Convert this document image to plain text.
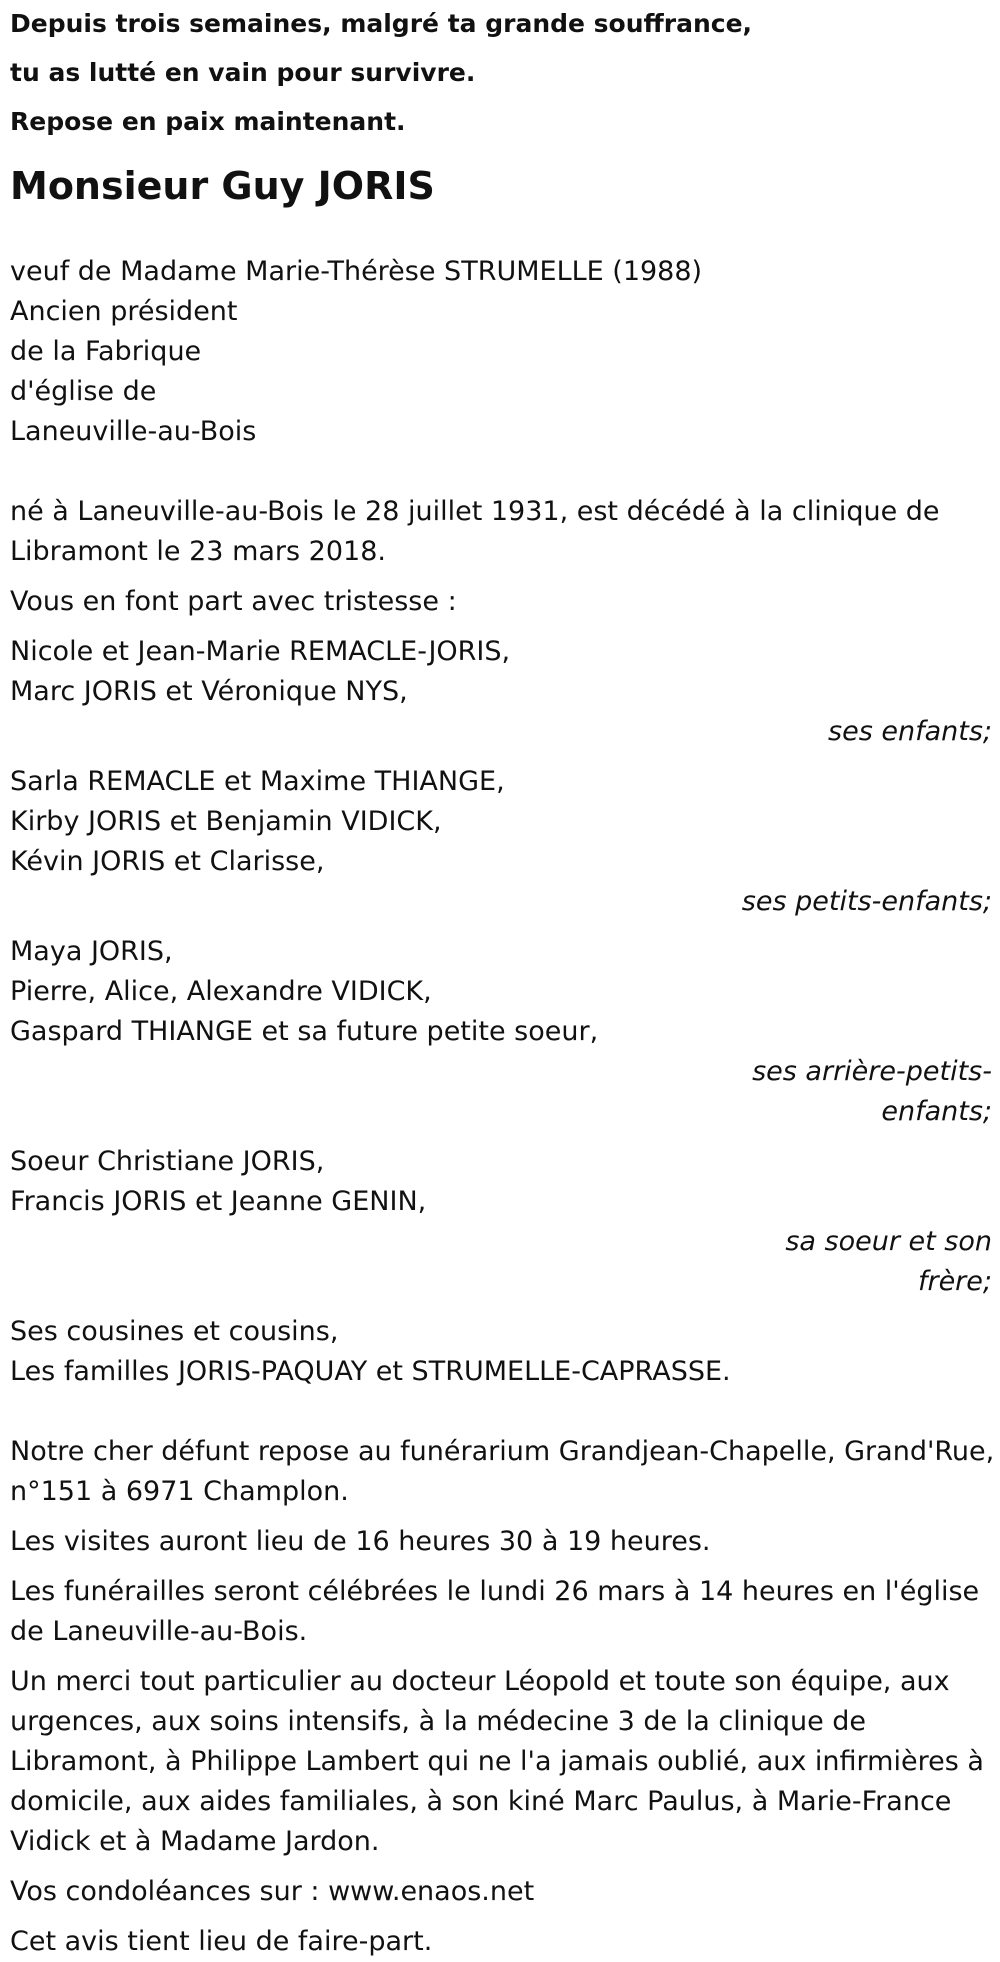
Depuis trois semaines, malgré ta grande souffrance,

tu as lutté en vain pour survivre.

Repose en paix maintenant.

Monsieur Guy JORIS
veuf de Madame Marie-Thérèse STRUMELLE (1988)
Ancien président
de la Fabrique
d'église de
Laneuville-au-Bois
né à Laneuville-au-Bois le 28 juillet 1931, est décédé à la clinique de
Libramont le 23 mars 2018.

Vous en font part avec tristesse :

Nicole et Jean-Marie REMACLE-JORIS,
Marc JORIS et Véronique NYS,
ses enfants;
Sarla REMACLE et Maxime THIANGE,
Kirby JORIS et Benjamin VIDICK,
Kévin JORIS et Clarisse,
ses petits-enfants;
Maya JORIS,
Pierre, Alice, Alexandre VIDICK,
Gaspard THIANGE et sa future petite soeur,
ses arrière-petits-
enfants;
Soeur Christiane JORIS,
Francis JORIS et Jeanne GENIN,
sa soeur et son
frère;
Ses cousines et cousins,
Les familles JORIS-PAQUAY et STRUMELLE-CAPRASSE.
Notre cher défunt repose au funérarium Grandjean-Chapelle, Grand'Rue,
n°151 à 6971 Champlon.

Les visites auront lieu de 16 heures 30 à 19 heures.

Les funérailles seront célébrées le lundi 26 mars à 14 heures en l'église
de Laneuville-au-Bois.
Un merci tout particulier au docteur Léopold et toute son équipe, aux
urgences, aux soins intensifs, à la médecine 3 de la clinique de
Libramont, à Philippe Lambert qui ne l'a jamais oublié, aux infirmières à
domicile, aux aides familiales, à son kiné Marc Paulus, à Marie-France
Vidick et à Madame Jardon.

Vos condoléances sur : www.enaos.net

Cet avis tient lieu de faire-part.
